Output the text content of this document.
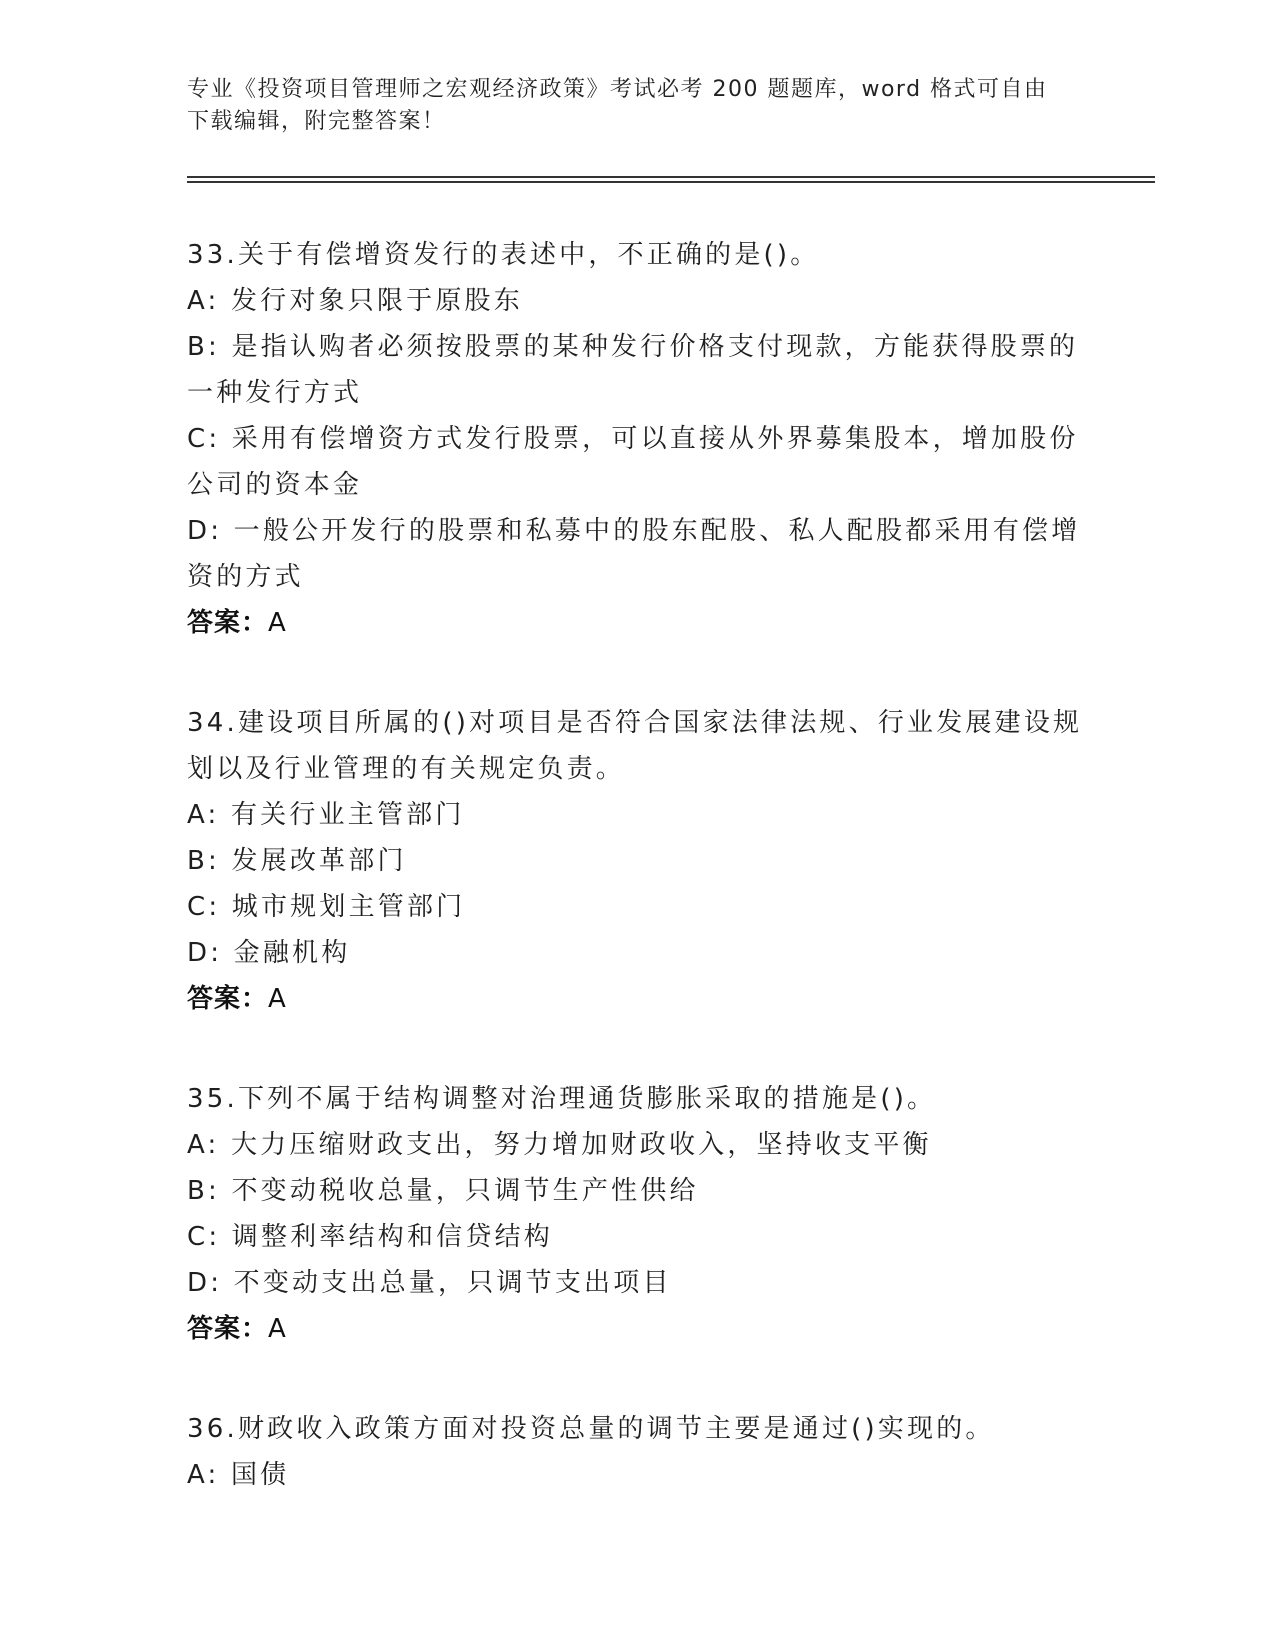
专业《投资项目管理师之宏观经济政策》考试必考 200 题题库，word 格式可自由下载编辑，附完整答案！
33.关于有偿增资发行的表述中，不正确的是()。
A: 发行对象只限于原股东
B: 是指认购者必须按股票的某种发行价格支付现款，方能获得股票的一种发行方式
C: 采用有偿增资方式发行股票，可以直接从外界募集股本，增加股份公司的资本金
D: 一般公开发行的股票和私募中的股东配股、私人配股都采用有偿增资的方式
答案：A
34.建设项目所属的()对项目是否符合国家法律法规、行业发展建设规划以及行业管理的有关规定负责。
A: 有关行业主管部门
B: 发展改革部门
C: 城市规划主管部门
D: 金融机构
答案：A
35.下列不属于结构调整对治理通货膨胀采取的措施是()。
A: 大力压缩财政支出，努力增加财政收入，坚持收支平衡
B: 不变动税收总量，只调节生产性供给
C: 调整利率结构和信贷结构
D: 不变动支出总量，只调节支出项目
答案：A
36.财政收入政策方面对投资总量的调节主要是通过()实现的。
A: 国债
